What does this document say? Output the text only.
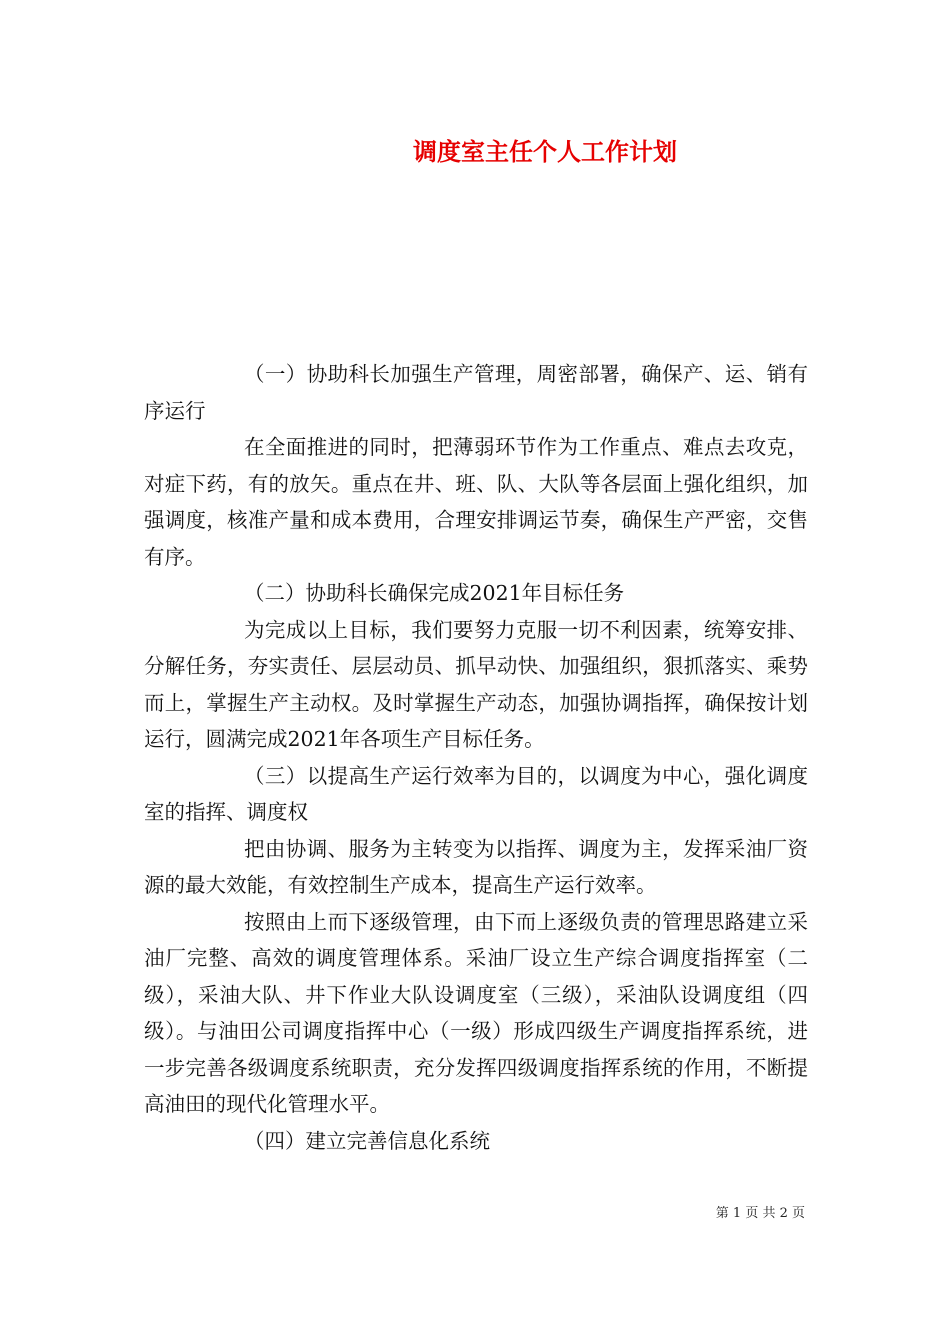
调度室主任个人工作计划

（一）协助科长加强生产管理，周密部署，确保产、运、销有序运行

在全面推进的同时，把薄弱环节作为工作重点、难点去攻克，对症下药，有的放矢。重点在井、班、队、大队等各层面上强化组织，加强调度，核准产量和成本费用，合理安排调运节奏，确保生产严密，交售有序。

（二）协助科长确保完成2021年目标任务

为完成以上目标，我们要努力克服一切不利因素，统筹安排、分解任务，夯实责任、层层动员、抓早动快、加强组织，狠抓落实、乘势而上，掌握生产主动权。及时掌握生产动态，加强协调指挥，确保按计划运行，圆满完成2021年各项生产目标任务。

（三）以提高生产运行效率为目的，以调度为中心，强化调度室的指挥、调度权

把由协调、服务为主转变为以指挥、调度为主，发挥采油厂资源的最大效能，有效控制生产成本，提高生产运行效率。

按照由上而下逐级管理，由下而上逐级负责的管理思路建立采油厂完整、高效的调度管理体系。采油厂设立生产综合调度指挥室（二级），采油大队、井下作业大队设调度室（三级），采油队设调度组（四级）。与油田公司调度指挥中心（一级）形成四级生产调度指挥系统，进一步完善各级调度系统职责，充分发挥四级调度指挥系统的作用，不断提高油田的现代化管理水平。

（四）建立完善信息化系统

第 1 页 共 2 页
